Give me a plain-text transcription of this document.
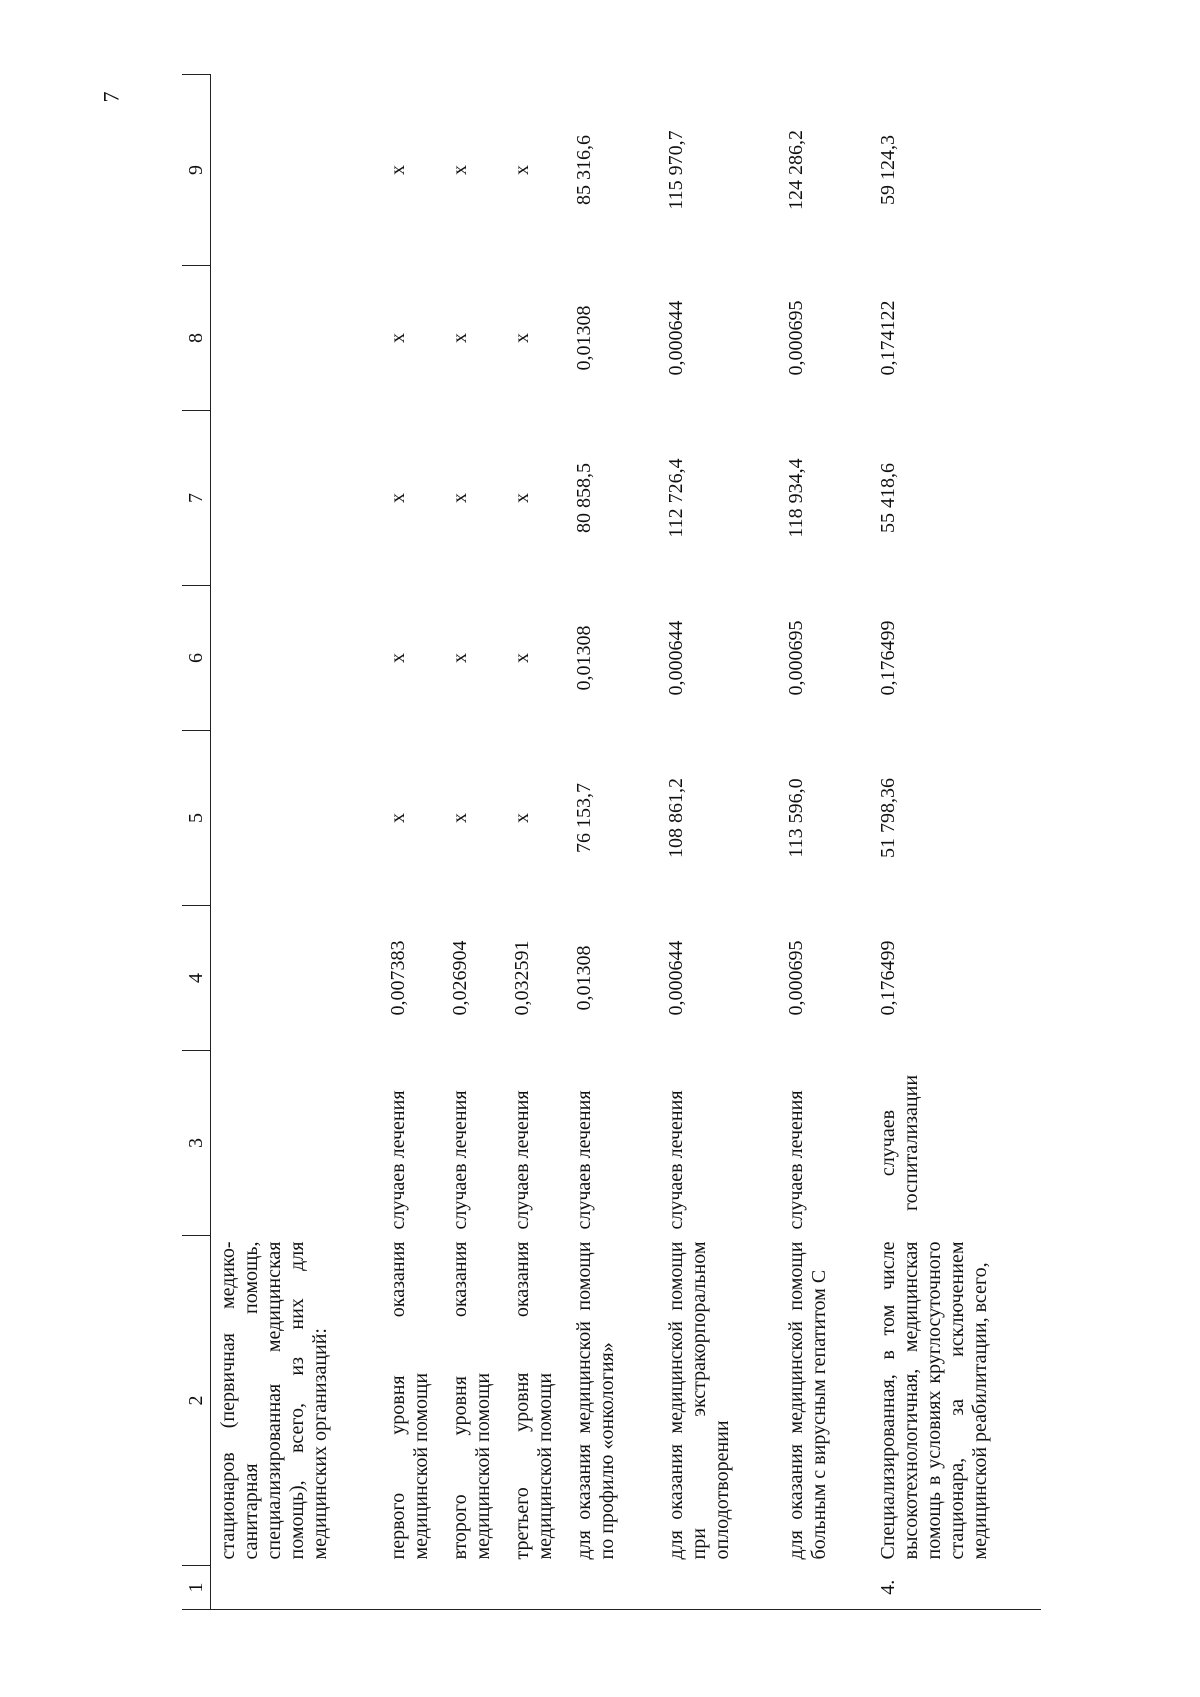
7
1	2	3	4	5	6	7	8	9
	стационаров (первичная медико-санитарная помощь, специализированная медицинская помощь), всего, из них для медицинских организаций:							
	первого уровня оказания медицинской помощи	случаев лечения	0,007383	х	х	х	х	х
	второго уровня оказания медицинской помощи	случаев лечения	0,026904	х	х	х	х	х
	третьего уровня оказания медицинской помощи	случаев лечения	0,032591	х	х	х	х	х
	для оказания медицинской помощи по профилю «онкология»	случаев лечения	0,01308	76 153,7	0,01308	80 858,5	0,01308	85 316,6
	для оказания медицинской помощи при экстракорпоральном оплодотворении	случаев лечения	0,000644	108 861,2	0,000644	112 726,4	0,000644	115 970,7
	для оказания медицинской помощи больным с вирусным гепатитом С	случаев лечения	0,000695	113 596,0	0,000695	118 934,4	0,000695	124 286,2
4.	Специализированная, в том числе высокотехнологичная, медицинская помощь в условиях круглосуточного стационара, за исключением медицинской реабилитации, всего,	случаев госпитализации	0,176499	51 798,36	0,176499	55 418,6	0,174122	59 124,3
